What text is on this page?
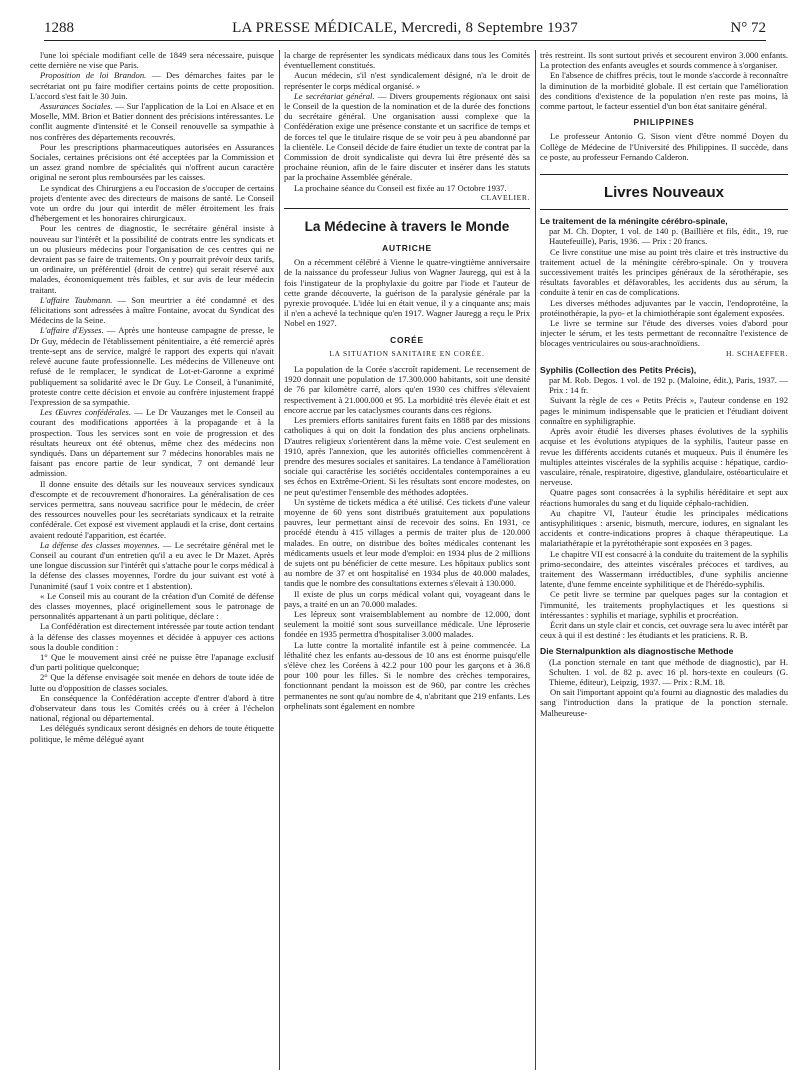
1288	LA PRESSE MÉDICALE, Mercredi, 8 Septembre 1937	N° 72

l'une loi spéciale modifiant celle de 1849 sera nécessaire, puisque cette dernière ne vise que Paris.

Proposition de loi Brandon. — Des démarches faites par le secrétariat ont pu faire modifier certains points de cette proposition. L'accord s'est fait le 30 Juin.

Assurances Sociales. — Sur l'application de la Loi en Alsace et en Moselle, MM. Brion et Batier donnent des précisions intéressantes. Le conflit augmente d'intensité et le Conseil renouvelle sa sympathie à nos confrères des départements recouvrés.

Pour les prescriptions pharmaceutiques autorisées en Assurances Sociales, certaines précisions ont été acceptées par la Commission et un assez grand nombre de spécialités qui n'offrent aucun caractère original ne seront plus remboursées par les caisses.

Le syndicat des Chirurgiens a eu l'occasion de s'occuper de certains projets d'entente avec des directeurs de maisons de santé. Le Conseil vote un ordre du jour qui interdit de mêler étroitement les frais d'hébergement et les honoraires chirurgicaux.

Pour les centres de diagnostic, le secrétaire général insiste à nouveau sur l'intérêt et la possibilité de contrats entre les syndicats et un ou plusieurs médecins pour l'organisation de ces centres qui ne devraient pas se faire de traitements. On y pourrait prévoir deux tarifs, un ordinaire, un préférentiel (droit de centre) qui serait réservé aux malades, économiquement très faibles, et sur avis de leur médecin traitant.

L'affaire Taubmann. — Son meurtrier a été condamné et des félicitations sont adressées à maître Fontaine, avocat du Syndicat des Médecins de la Seine.

L'affaire d'Eysses. — Après une honteuse campagne de presse, le Dr Guy, médecin de l'établissement pénitentiaire, a été remercié après trente-sept ans de service, malgré le rapport des experts qui n'avait relevé aucune faute professionnelle. Les médecins de Villeneuve ont refusé de le remplacer, le syndicat de Lot-et-Garonne a exprimé publiquement sa solidarité avec le Dr Guy. Le Conseil, à l'unanimité, proteste contre cette décision et envoie au confrère injustement frappé l'expression de sa sympathie.

Les Œuvres confédérales. — Le Dr Vauzanges met le Conseil au courant des modifications apportées à la propagande et à la prospection. Tous les services sont en voie de progression et des résultats heureux ont été obtenus, même chez des médecins non syndiqués. Dans un département sur 7 médecins honorables mais ne faisant pas encore partie de leur syndicat, 7 ont demandé leur admission.

Il donne ensuite des détails sur les nouveaux services syndicaux d'escompte et de recouvrement d'honoraires. La généralisation de ces services permettra, sans nouveau sacrifice pour le médecin, de créer des ressources nouvelles pour les secrétariats syndicaux et la retraite confédérale. Cet exposé est vivement applaudi et la crise, dont certains avaient redouté l'apparition, est écartée.

La défense des classes moyennes. — Le secrétaire général met le Conseil au courant d'un entretien qu'il a eu avec le Dr Mazet. Après une longue discussion sur l'intérêt qui s'attache pour le corps médical à la défense des classes moyennes, l'ordre du jour suivant est voté à l'unanimité (sauf 1 voix contre et 1 abstention).

« Le Conseil mis au courant de la création d'un Comité de défense des classes moyennes, placé originellement sous le patronage de personnalités appartenant à un parti politique, déclare :

La Confédération est directement intéressée par toute action tendant à la défense des classes moyennes et décidée à appuyer ces actions sous la double condition :

1° Que le mouvement ainsi créé ne puisse être l'apanage exclusif d'un parti politique quelconque;

2° Que la défense envisagée soit menée en dehors de toute idée de lutte ou d'opposition de classes sociales.

En conséquence la Confédération accepte d'entrer d'abord à titre d'observateur dans tous les Comités créés ou à créer à l'échelon national, régional ou départemental.

Les délégués syndicaux seront désignés en dehors de toute étiquette politique, le même délégué ayant

la charge de représenter les syndicats médicaux dans tous les Comités éventuellement constitués.

Aucun médecin, s'il n'est syndicalement désigné, n'a le droit de représenter le corps médical organisé. »

Le secrétariat général. — Divers groupements régionaux ont saisi le Conseil de la question de la nomination et de la durée des fonctions du secrétaire général. Une organisation aussi complexe que la Confédération exige une présence constante et un sacrifice de temps et de forces tel que le titulaire risque de se voir peu à peu abandonné par la clientèle. Le Conseil décide de faire étudier un texte de contrat par la Commission de droit syndicaliste qui devra lui être présenté dès sa prochaine réunion, afin de le faire discuter et insérer dans les statuts par la prochaine Assemblée générale.

La prochaine séance du Conseil est fixée au 17 Octobre 1937.

CLAVELIER.

La Médecine à travers le Monde
AUTRICHE

On a récemment célébré à Vienne le quatre-vingtième anniversaire de la naissance du professeur Julius von Wagner Jauregg, qui est à la fois l'instigateur de la prophylaxie du goitre par l'iode et l'auteur de cette grande découverte, la guérison de la paralysie générale par la pyrexie provoquée. L'idée lui en était venue, il y a cinquante ans; mais il n'en a achevé la technique qu'en 1917. Wagner Jauregg a reçu le Prix Nobel en 1927.

CORÉE
LA SITUATION SANITAIRE EN CORÉE.

La population de la Corée s'accroît rapidement. Le recensement de 1920 donnait une population de 17.300.000 habitants, soit une densité de 76 par kilomètre carré, alors qu'en 1930 ces chiffres s'élevaient respectivement à 21.000.000 et 95. La morbidité très élevée était et est encore accrue par les cataclysmes courants dans ces régions.

Les premiers efforts sanitaires furent faits en 1888 par des missions catholiques à qui on doit la fondation des plus anciens orphelinats. D'autres religieux s'orientèrent dans la même voie. C'est seulement en 1910, après l'annexion, que les autorités officielles commencèrent à prendre des mesures sociales et sanitaires. La tendance à l'amélioration sociale qui caractérise les sociétés occidentales contemporaines a eu ses échos en Extrême-Orient. Si les résultats sont encore modestes, on ne peut qu'estimer l'ensemble des méthodes adoptées.

Un système de tickets médica a été utilisé. Ces tickets d'une valeur moyenne de 60 yens sont distribués gratuitement aux populations pauvres, leur permettant ainsi de recevoir des soins. En 1931, ce procédé étendu à 415 villages a permis de traiter plus de 120.000 malades. En outre, on distribue des boîtes médicales contenant les médicaments usuels et leur mode d'emploi: en 1934 plus de 2 millions de sujets ont pu bénéficier de cette mesure. Les hôpitaux publics sont au nombre de 37 et ont hospitalisé en 1934 plus de 40.000 malades, tandis que le nombre des consultations externes s'élevait à 130.000.

Il existe de plus un corps médical volant qui, voyageant dans le pays, a traité en un an 70.000 malades.

Les lépreux sont vraisemblablement au nombre de 12.000, dont seulement la moitié sont sous surveillance médicale. Une léproserie fondée en 1935 permettra d'hospitaliser 3.000 malades.

La lutte contre la mortalité infantile est à peine commencée. La léthalité chez les enfants au-dessous de 10 ans est énorme puisqu'elle s'élève chez les Coréens à 42.2 pour 100 pour les garçons et à 36.8 pour 100 pour les filles. Si le nombre des crèches temporaires, fonctionnant pendant la moisson est de 960, par contre les crèches permanentes ne sont qu'au nombre de 4, n'abritant que 219 enfants. Les orphelinats sont également en nombre

très restreint. Ils sont surtout privés et secourent environ 3.000 enfants. La protection des enfants aveugles et sourds commence à s'organiser.

En l'absence de chiffres précis, tout le monde s'accorde à reconnaître la diminution de la morbidité globale. Il est certain que l'amélioration des conditions d'existence de la population n'en reste pas moins, là comme partout, le facteur essentiel d'un bon état sanitaire général.

PHILIPPINES

Le professeur Antonio G. Sison vient d'être nommé Doyen du Collège de Médecine de l'Université des Philippines. Il succède, dans ce poste, au professeur Fernando Calderon.

Livres Nouveaux

Le traitement de la méningite cérébro-spinale,

par M. Ch. Dopter, 1 vol. de 140 p. (Baillière et fils, édit., 19, rue Hautefeuille), Paris, 1936. — Prix : 20 francs.

Ce livre constitue une mise au point très claire et très instructive du traitement actuel de la méningite cérébro-spinale. On y trouvera successivement traités les principes généraux de la sérothérapie, ses résultats favorables et défavorables, les accidents dus au sérum, la conduite à tenir en cas de complications.

Les diverses méthodes adjuvantes par le vaccin, l'endoprotéine, la protéinothérapie, la pyo- et la chimiothérapie sont également exposées.

Le livre se termine sur l'étude des diverses voies d'abord pour injecter le sérum, et les tests permettant de reconnaître l'existence de blocages ventriculaires ou sous-arachnoïdiens.

H. SCHAEFFER.

Syphilis (Collection des Petits Précis),

par M. Rob. Degos. 1 vol. de 192 p. (Maloine, édit.), Paris, 1937. — Prix : 14 fr.

Suivant la règle de ces « Petits Précis », l'auteur condense en 192 pages le minimum indispensable que le praticien et l'étudiant doivent connaître en syphiligraphie.

Après avoir étudié les diverses phases évolutives de la syphilis acquise et les évolutions atypiques de la syphilis, l'auteur passe en revue les différents accidents cutanés et muqueux. Puis il énumère les multiples atteintes viscérales de la syphilis acquise : hépatique, cardio-vasculaire, rénale, respiratoire, digestive, glandulaire, ostéoarticulaire et nerveuse.

Quatre pages sont consacrées à la syphilis héréditaire et sept aux réactions humorales du sang et du liquide céphalo-rachidien.

Au chapitre VI, l'auteur étudie les principales médications antisyphilitiques : arsenic, bismuth, mercure, iodures, en signalant les accidents et contre-indications propres à chaque thérapeutique. La malariathérapie et la pyrétothérapie sont exposées en 3 pages.

Le chapitre VII est consacré à la conduite du traitement de la syphilis primo-secondaire, des atteintes viscérales précoces et tardives, au traitement des Wassermann irréductibles, d'une syphilis ancienne latente, d'une femme enceinte syphilitique et de l'hérédo-syphilis.

Ce petit livre se termine par quelques pages sur la contagion et l'immunité, les traitements prophylactiques et les questions si intéressantes : syphilis et mariage, syphilis et procréation.

Écrit dans un style clair et concis, cet ouvrage sera lu avec intérêt par ceux à qui il est destiné : les étudiants et les praticiens. R. B.

Die Sternalpunktion als diagnostische Methode

(La ponction sternale en tant que méthode de diagnostic), par H. Schulten. 1 vol. de 82 p. avec 16 pl. hors-texte en couleurs (G. Thieme, éditeur), Leipzig, 1937. — Prix : R.M. 18.

On sait l'important appoint qu'a fourni au diagnostic des maladies du sang l'introduction dans la pratique de la ponction sternale. Malheureuse-
